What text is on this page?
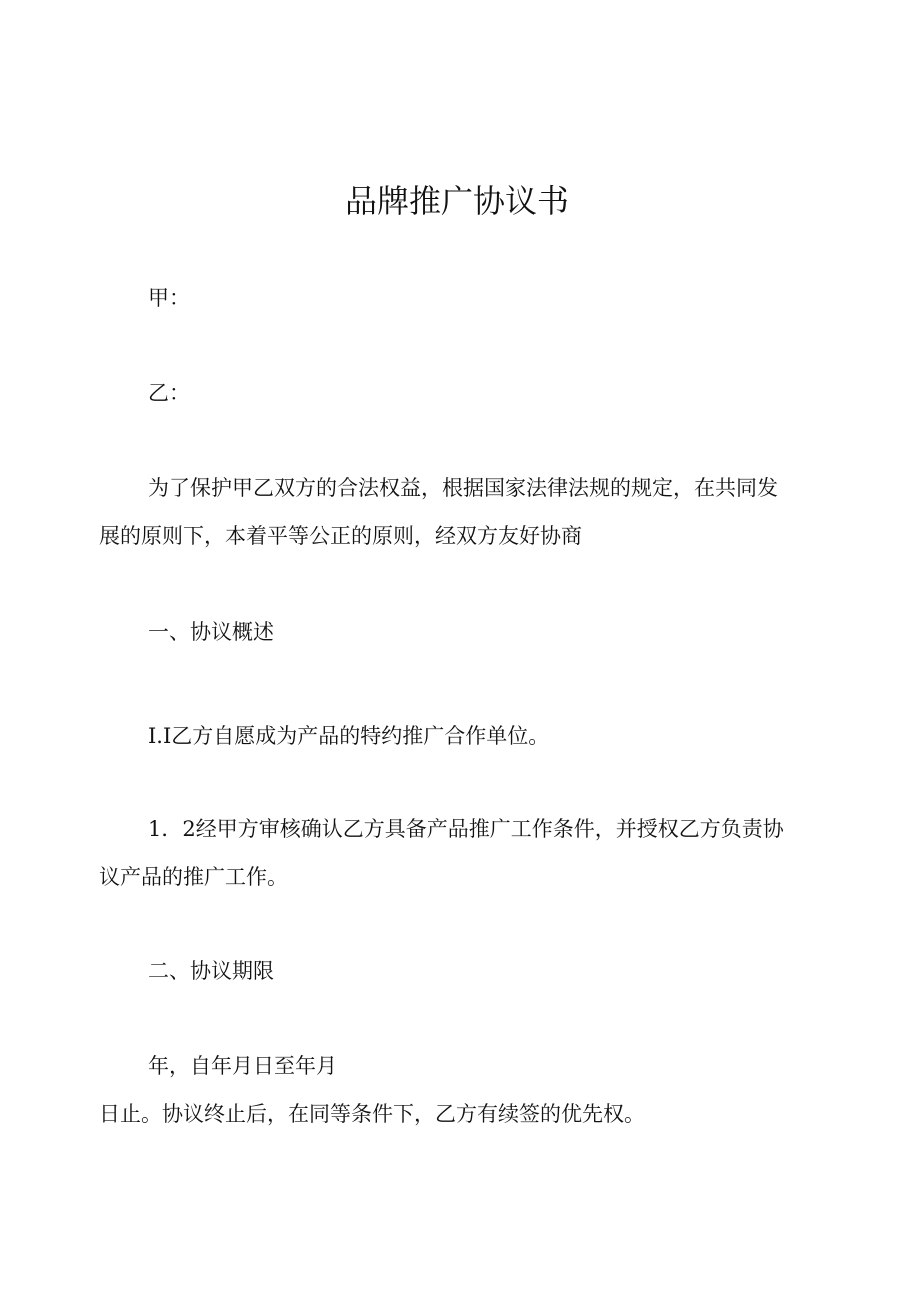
品牌推广协议书
甲：
乙：
为了保护甲乙双方的合法权益，根据国家法律法规的规定，在共同发
展的原则下，本着平等公正的原则，经双方友好协商
一、协议概述
I.I乙方自愿成为产品的特约推广合作单位。
1．2经甲方审核确认乙方具备产品推广工作条件，并授权乙方负责协
议产品的推广工作。
二、协议期限
年，自年月日至年月
日止。协议终止后，在同等条件下，乙方有续签的优先权。
